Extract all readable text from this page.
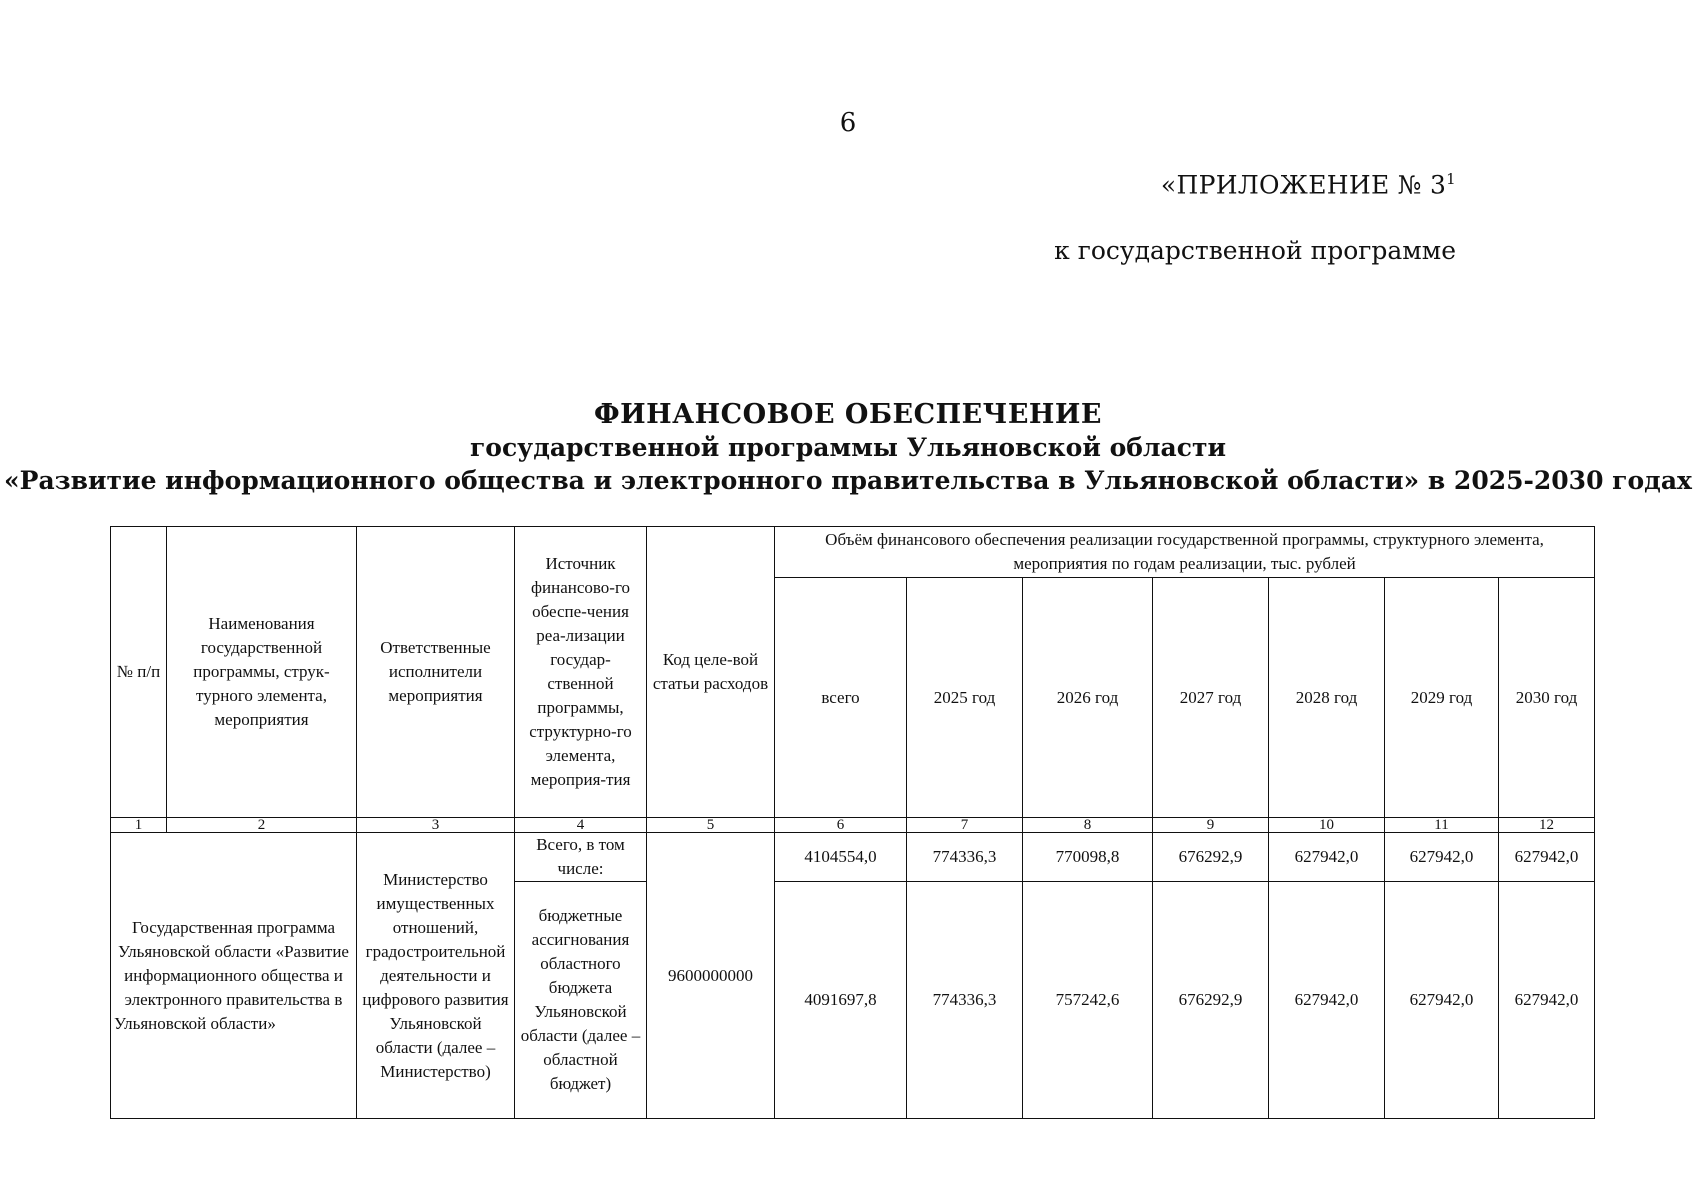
6
«ПРИЛОЖЕНИЕ № $3^1$
к государственной программе
ФИНАНСОВОЕ ОБЕСПЕЧЕНИЕ
государственной программы Ульяновской области
«Развитие информационного общества и электронного правительства в Ульяновской области» в 2025-2030 годах
№ п/п	Наименования государственной программы, струк-турного элемента, мероприятия	Ответственные исполнители мероприятия	Источник финансово-го обеспе-чения реа-лизации государ-ственной программы, структурно-го элемента, мероприя-тия	Код целе-вой статьи расходов	Объём финансового обеспечения реализации государственной программы, структурного элемента, мероприятия по годам реализации, тыс. рублей						
					всего	2025 год	2026 год	2027 год	2028 год	2029 год	2030 год
1	2	3	4	5	6	7	8	9	10	11	12
Государственная программа Ульяновской области «Развитие информационного общества и электронного правительства в Ульяновской области»		Министерство имущественных отношений, градостроительной деятельности и цифрового развития Ульяновской области (далее – Министерство)	Всего, в том числе:	9600000000	4104554,0	774336,3	770098,8	676292,9	627942,0	627942,0	627942,0
			бюджетные ассигнования областного бюджета Ульяновской области (далее – областной бюджет)		4091697,8	774336,3	757242,6	676292,9	627942,0	627942,0	627942,0
